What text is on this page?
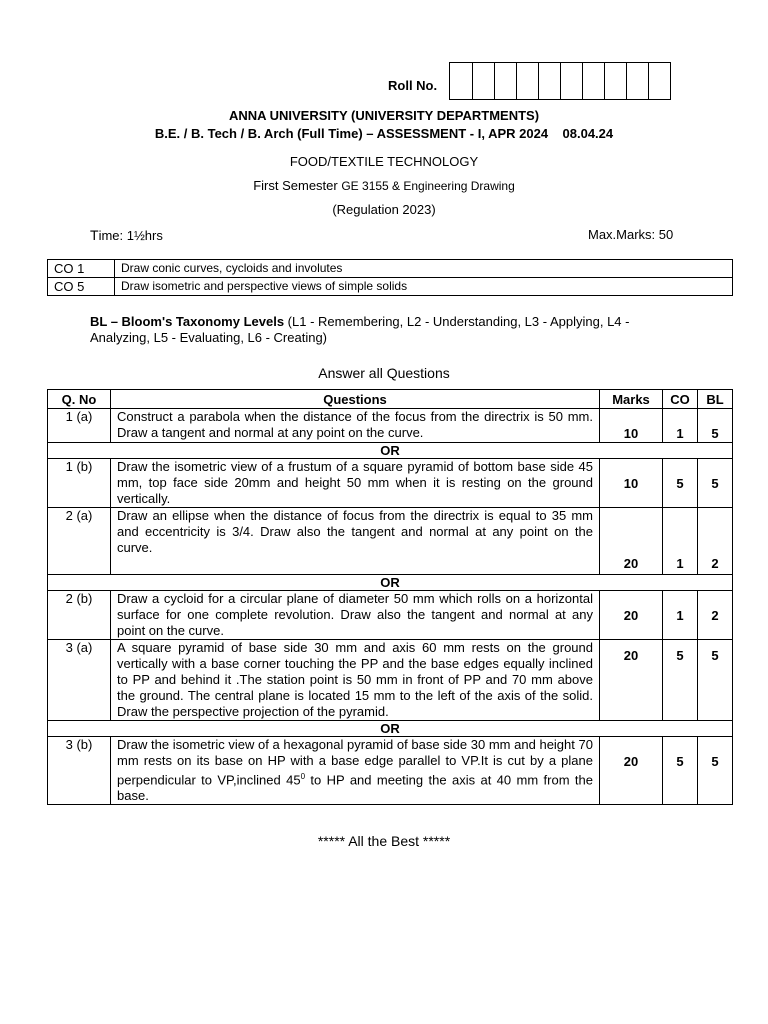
Roll No.
ANNA UNIVERSITY (UNIVERSITY DEPARTMENTS)
B.E. / B. Tech / B. Arch (Full Time) – ASSESSMENT - I, APR 2024    08.04.24
FOOD/TEXTILE TECHNOLOGY
First Semester GE 3155 & Engineering Drawing
(Regulation 2023)
Time: 1½hrs	Max.Marks: 50
CO 1	Draw conic curves, cycloids and involutes
CO 5	Draw isometric and perspective views of simple solids
BL – Bloom's Taxonomy Levels (L1 - Remembering, L2 - Understanding, L3 - Applying, L4 - Analyzing, L5 - Evaluating, L6 - Creating)
Answer all Questions
Q. No	Questions	Marks	CO	BL
1 (a)	Construct a parabola when the distance of the focus from the directrix is 50 mm. Draw a tangent and normal at any point on the curve.	10	1	5
OR				
1 (b)	Draw the isometric view of a frustum of a square pyramid of bottom base side 45 mm, top face side 20mm and height 50 mm when it is resting on the ground vertically.	10	5	5
2 (a)	Draw an ellipse when the distance of focus from the directrix is equal to 35 mm and eccentricity is 3/4. Draw also the tangent and normal at any point on the curve.	20	1	2
OR				
2 (b)	Draw a cycloid for a circular plane of diameter 50 mm which rolls on a horizontal surface for one complete revolution. Draw also the tangent and normal at any point on the curve.	20	1	2
3 (a)	A square pyramid of base side 30 mm and axis 60 mm rests on the ground vertically with a base corner touching the PP and the base edges equally inclined to PP and behind it .The station point is 50 mm in front of PP and 70 mm above the ground. The central plane is located 15 mm to the left of the axis of the solid. Draw the perspective projection of the pyramid.	20	5	5
OR				
3 (b)	Draw the isometric view of a hexagonal pyramid of base side 30 mm and height 70 mm rests on its base on HP with a base edge parallel to VP.It is cut by a plane perpendicular to VP,inclined $45^0$ to HP and meeting the axis at 40 mm from the base.	20	5	5
***** All the Best *****
